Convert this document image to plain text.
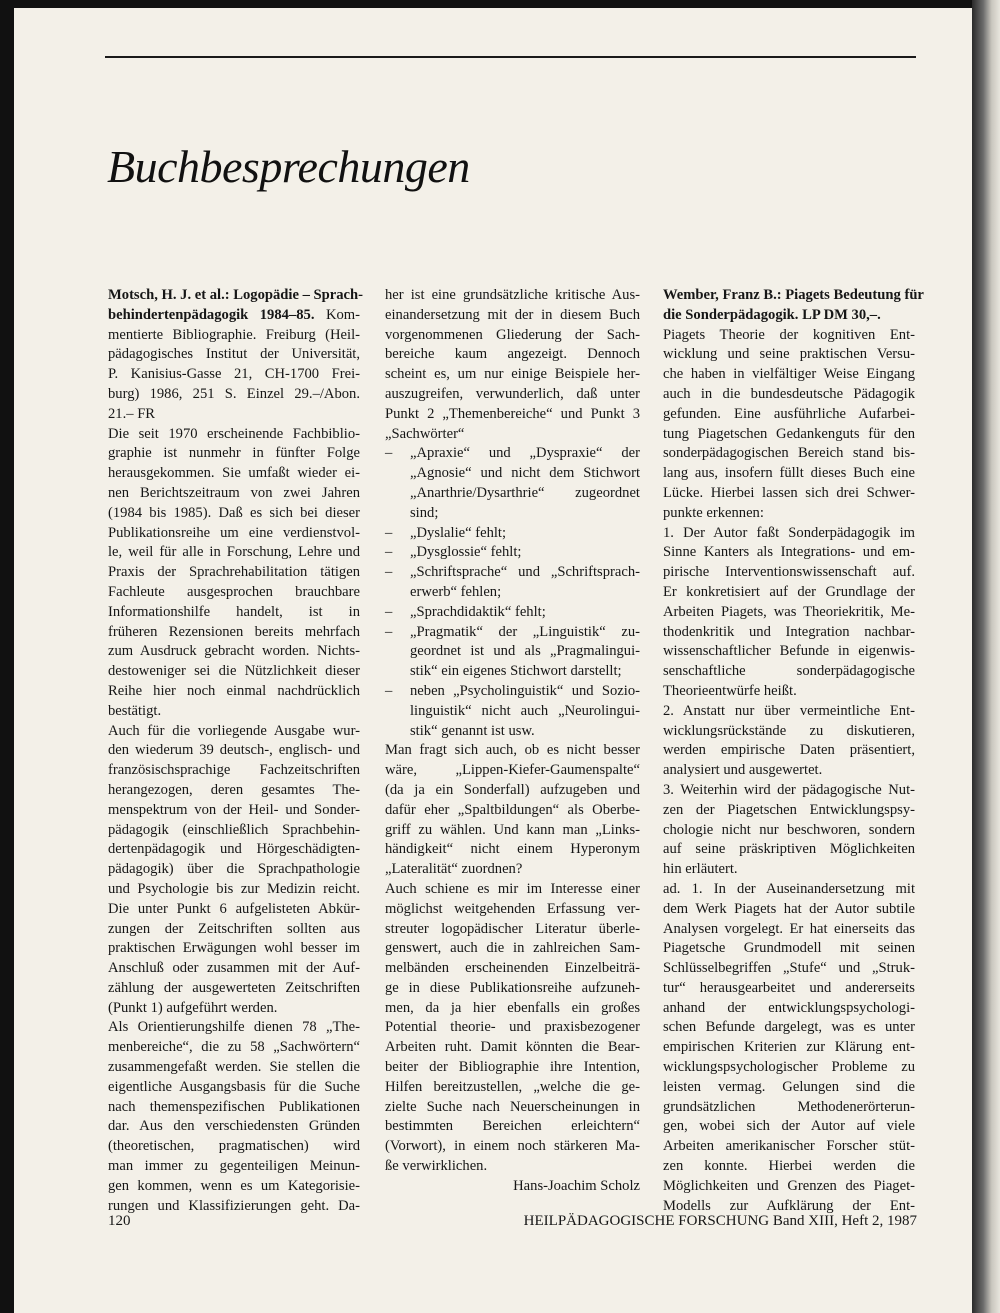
Buchbesprechungen
Motsch, H. J. et al.: Logopädie – Sprach-
behindertenpädagogik 1984–85. Kom-
mentierte Bibliographie. Freiburg (Heil-
pädagogisches Institut der Universität,
P. Kanisius-Gasse 21, CH-1700 Frei-
burg) 1986, 251 S. Einzel 29.–/Abon.
21.– FR
Die seit 1970 erscheinende Fachbiblio-
graphie ist nunmehr in fünfter Folge
herausgekommen. Sie umfaßt wieder ei-
nen Berichtszeitraum von zwei Jahren
(1984 bis 1985). Daß es sich bei dieser
Publikationsreihe um eine verdienstvol-
le, weil für alle in Forschung, Lehre und
Praxis der Sprachrehabilitation tätigen
Fachleute ausgesprochen brauchbare
Informationshilfe handelt, ist in
früheren Rezensionen bereits mehrfach
zum Ausdruck gebracht worden. Nichts-
destoweniger sei die Nützlichkeit dieser
Reihe hier noch einmal nachdrücklich
bestätigt.
Auch für die vorliegende Ausgabe wur-
den wiederum 39 deutsch-, englisch- und
französischsprachige Fachzeitschriften
herangezogen, deren gesamtes The-
menspektrum von der Heil- und Sonder-
pädagogik (einschließlich Sprachbehin-
dertenpädagogik und Hörgeschädigten-
pädagogik) über die Sprachpathologie
und Psychologie bis zur Medizin reicht.
Die unter Punkt 6 aufgelisteten Abkür-
zungen der Zeitschriften sollten aus
praktischen Erwägungen wohl besser im
Anschluß oder zusammen mit der Auf-
zählung der ausgewerteten Zeitschriften
(Punkt 1) aufgeführt werden.
Als Orientierungshilfe dienen 78 „The-
menbereiche“, die zu 58 „Sachwörtern“
zusammengefaßt werden. Sie stellen die
eigentliche Ausgangsbasis für die Suche
nach themenspezifischen Publikationen
dar. Aus den verschiedensten Gründen
(theoretischen, pragmatischen) wird
man immer zu gegenteiligen Meinun-
gen kommen, wenn es um Kategorisie-
rungen und Klassifizierungen geht. Da-
her ist eine grundsätzliche kritische Aus-
einandersetzung mit der in diesem Buch
vorgenommenen Gliederung der Sach-
bereiche kaum angezeigt. Dennoch
scheint es, um nur einige Beispiele her-
auszugreifen, verwunderlich, daß unter
Punkt 2 „Themenbereiche“ und Punkt 3
„Sachwörter“
– „Apraxie“ und „Dyspraxie“ der
„Agnosie“ und nicht dem Stichwort
„Anarthrie/Dysarthrie“ zugeordnet
sind;
– „Dyslalie“ fehlt;
– „Dysglossie“ fehlt;
– „Schriftsprache“ und „Schriftsprach-
erwerb“ fehlen;
– „Sprachdidaktik“ fehlt;
– „Pragmatik“ der „Linguistik“ zu-
geordnet ist und als „Pragmalingui-
stik“ ein eigenes Stichwort darstellt;
– neben „Psycholinguistik“ und Sozio-
linguistik“ nicht auch „Neurolingui-
stik“ genannt ist usw.
Man fragt sich auch, ob es nicht besser
wäre, „Lippen-Kiefer-Gaumenspalte“
(da ja ein Sonderfall) aufzugeben und
dafür eher „Spaltbildungen“ als Oberbe-
griff zu wählen. Und kann man „Links-
händigkeit“ nicht einem Hyperonym
„Lateralität“ zuordnen?
Auch schiene es mir im Interesse einer
möglichst weitgehenden Erfassung ver-
streuter logopädischer Literatur überle-
genswert, auch die in zahlreichen Sam-
melbänden erscheinenden Einzelbeiträ-
ge in diese Publikationsreihe aufzuneh-
men, da ja hier ebenfalls ein großes
Potential theorie- und praxisbezogener
Arbeiten ruht. Damit könnten die Bear-
beiter der Bibliographie ihre Intention,
Hilfen bereitzustellen, „welche die ge-
zielte Suche nach Neuerscheinungen in
bestimmten Bereichen erleichtern“
(Vorwort), in einem noch stärkeren Ma-
ße verwirklichen.
Hans-Joachim Scholz
Wember, Franz B.: Piagets Bedeutung für
die Sonderpädagogik. LP DM 30,–.
Piagets Theorie der kognitiven Ent-
wicklung und seine praktischen Versu-
che haben in vielfältiger Weise Eingang
auch in die bundesdeutsche Pädagogik
gefunden. Eine ausführliche Aufarbei-
tung Piagetschen Gedankenguts für den
sonderpädagogischen Bereich stand bis-
lang aus, insofern füllt dieses Buch eine
Lücke. Hierbei lassen sich drei Schwer-
punkte erkennen:
1. Der Autor faßt Sonderpädagogik im
Sinne Kanters als Integrations- und em-
pirische Interventionswissenschaft auf.
Er konkretisiert auf der Grundlage der
Arbeiten Piagets, was Theoriekritik, Me-
thodenkritik und Integration nachbar-
wissenschaftlicher Befunde in eigenwis-
senschaftliche sonderpädagogische
Theorieentwürfe heißt.
2. Anstatt nur über vermeintliche Ent-
wicklungsrückstände zu diskutieren,
werden empirische Daten präsentiert,
analysiert und ausgewertet.
3. Weiterhin wird der pädagogische Nut-
zen der Piagetschen Entwicklungspsy-
chologie nicht nur beschworen, sondern
auf seine präskriptiven Möglichkeiten
hin erläutert.
ad. 1. In der Auseinandersetzung mit
dem Werk Piagets hat der Autor subtile
Analysen vorgelegt. Er hat einerseits das
Piagetsche Grundmodell mit seinen
Schlüsselbegriffen „Stufe“ und „Struk-
tur“ herausgearbeitet und andererseits
anhand der entwicklungspsychologi-
schen Befunde dargelegt, was es unter
empirischen Kriterien zur Klärung ent-
wicklungspsychologischer Probleme zu
leisten vermag. Gelungen sind die
grundsätzlichen Methodenerörterun-
gen, wobei sich der Autor auf viele
Arbeiten amerikanischer Forscher stüt-
zen konnte. Hierbei werden die
Möglichkeiten und Grenzen des Piaget-
Modells zur Aufklärung der Ent-
120	HEILPÄDAGOGISCHE FORSCHUNG Band XIII, Heft 2, 1987
